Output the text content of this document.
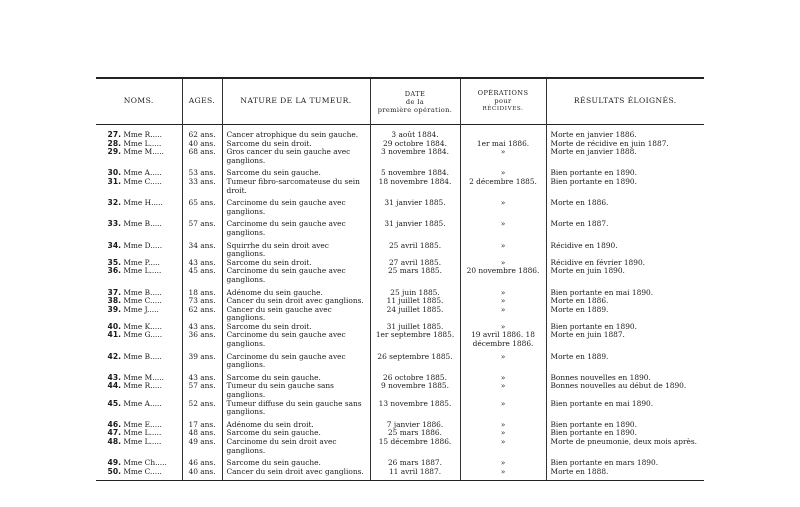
NOMS.	AGES.	NATURE DE LA TUMEUR.	DATE
de la
première opération.	OPÉRATIONS
pour
RÉCIDIVES.	RÉSULTATS ÉLOIGNÉS.

27. Mme R.....	62 ans.	Cancer atrophique du sein gauche.	3 août 1884.		Morte en janvier 1886.
28. Mme L.....	40 ans.	Sarcome du sein droit.	29 octobre 1884.	1er mai 1886.	Morte de récidive en juin 1887.
29. Mme M.....	68 ans.	Gros cancer du sein gauche avec ganglions.	3 novembre 1884.	»	Morte en janvier 1888.

30. Mme A.....	53 ans.	Sarcome du sein gauche.	5 novembre 1884.	»	Bien portante en 1890.
31. Mme C.....	33 ans.	Tumeur fibro-sarcomateuse du sein droit.	18 novembre 1884.	2 décembre 1885.	Bien portante en 1890.

32. Mme H.....	65 ans.	Carcinome du sein gauche avec ganglions.	31 janvier 1885.	»	Morte en 1886.

33. Mme B.....	57 ans.	Carcinome du sein gauche avec ganglions.	31 janvier 1885.	»	Morte en 1887.

34. Mme D.....	34 ans.	Squirrhe du sein droit avec ganglions.	25 avril 1885.	»	Récidive en 1890.
35. Mme P.....	43 ans.	Sarcome du sein droit.	27 avril 1885.	»	Récidive en février 1890.
36. Mme L.....	45 ans.	Carcinome du sein gauche avec ganglions.	25 mars 1885.	20 novembre 1886.	Morte en juin 1890.

37. Mme B.....	18 ans.	Adénome du sein gauche.	25 juin 1885.	»	Bien portante en mai 1890.
38. Mme C.....	73 ans.	Cancer du sein droit avec ganglions.	11 juillet 1885.	»	Morte en 1886.
39. Mme J.....	62 ans.	Cancer du sein gauche avec ganglions.	24 juillet 1885.	»	Morte en 1889.
40. Mme K.....	43 ans.	Sarcome du sein droit.	31 juillet 1885.	»	Bien portante en 1890.
41. Mme G.....	36 ans.	Carcinome du sein gauche avec ganglions.	1er septembre 1885.	19 avril 1886. 18 décembre 1886.	Morte en juin 1887.

42. Mme B.....	39 ans.	Carcinome du sein gauche avec ganglions.	26 septembre 1885.	»	Morte en 1889.

43. Mme M.....	43 ans.	Sarcome du sein gauche.	26 octobre 1885.	»	Bonnes nouvelles en 1890.
44. Mme R.....	57 ans.	Tumeur du sein gauche sans ganglions.	9 novembre 1885.	»	Bonnes nouvelles au début de 1890.
45. Mme A.....	52 ans.	Tumeur diffuse du sein gauche sans ganglions.	13 novembre 1885.	»	Bien portante en mai 1890.

46. Mme E.....	17 ans.	Adénome du sein droit.	7 janvier 1886.	»	Bien portante en 1890.
47. Mme L.....	48 ans.	Sarcome du sein gauche.	25 mars 1886.	»	Bien portante en 1890.
48. Mme L.....	49 ans.	Carcinome du sein droit avec ganglions.	15 décembre 1886.	»	Morte de pneumonie, deux mois après.

49. Mme Ch.....	46 ans.	Sarcome du sein gauche.	26 mars 1887.	»	Bien portante en mars 1890.
50. Mme C.....	40 ans.	Cancer du sein droit avec ganglions.	11 avril 1887.	»	Morte en 1888.
